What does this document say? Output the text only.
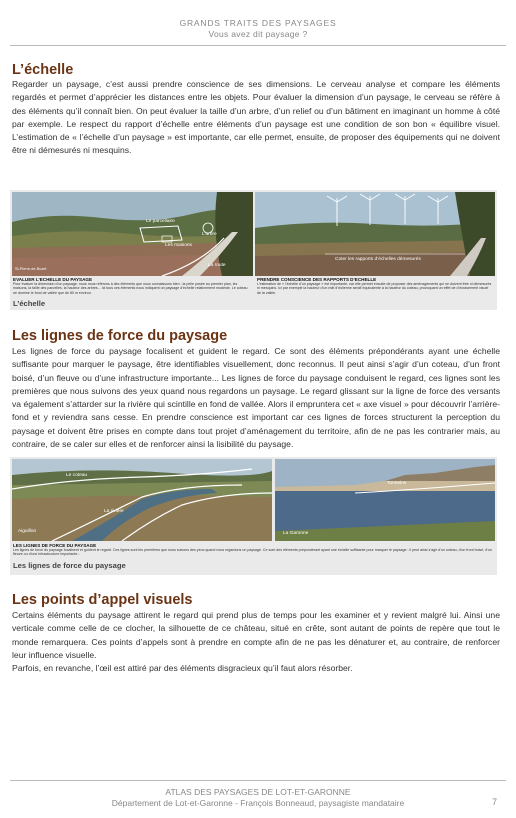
GRANDS TRAITS DES PAYSAGES
Vous avez dit paysage ?
L’échelle

Regarder un paysage, c’est aussi prendre conscience de ses dimensions. Le cerveau analyse et compare les éléments regardés et permet d’apprécier les distances entre les objets. Pour évaluer la dimension d’un paysage, le cerveau se réfère à des éléments qu’il connaît bien. On peut évaluer la taille d’un arbre, d’un relief ou d’un bâtiment en imaginant un homme à côté par exemple. Le respect du rapport d’échelle entre éléments d’un paysage est une condition de son bon « équilibre visuel. L’estimation de « l’échelle d’un paysage » est importante, car elle permet, ensuite, de proposer des équipements qui ne doivent être ni démesurés ni mesquins.

Le parcellaire
L’arbre
Les maisons
La route
St-Pierre-de-Buzet
Coter les rapports d’échelles démesurés
EVALUER L’ECHELLE DU PAYSAGE
Pour évaluer la dimension d’un paysage, nous nous référons à des éléments que nous connaissons bien : la pelle posée au premier plan, les maisons, la taille des parcelles, la hauteur des arbres... Ici tous ces éléments nous indiquent un paysage d’échelle relativement modeste. Le coteau ne domine le fond de vallée que de 80 m environ.
PRENDRE CONSCIENCE DES RAPPORTS D’ECHELLE
L’estimation de « l’échelle d’un paysage » est importante, car elle permet ensuite de proposer des aménagements qui ne doivent être ni démesurés ni mesquins. Ici par exemple la hauteur d’un mât d’éolienne serait équivalente à la hauteur du coteau, provoquant un effet de d’écrasement visuel de la vallée.
L’échelle
Les lignes de force du paysage

Les lignes de force du paysage focalisent et guident le regard. Ce sont des éléments prépondérants ayant une échelle suffisante pour marquer le paysage, être identifiables visuellement, donc reconnus. Il peut ainsi s’agir d’un coteau, d’un front boisé, d’un fleuve ou d’une infrastructure importante... Les lignes de force du paysage conduisent le regard, ces lignes sont les premières que nous suivons des yeux quand nous regardons un paysage. Le regard glissant sur la ligne de force des versants va également s’attarder sur la rivière qui scintille en fond de vallée. Alors il empruntera cet « axe visuel » pour découvrir l’arrière-fond et y reviendra sans cesse. En prendre conscience est important car ces lignes de forces structurent la perception du paysage et doivent être prises en compte dans tout projet d’aménagement du territoire, afin de ne pas les contrarier mais, au contraire, de se caler sur elles et de renforcer ainsi la lisibilité du paysage.

Le coteau
La rivière
Aiguillon
Tonneins
La Garonne
LES LIGNES DE FORCE DU PAYSAGE
Les lignes de force du paysage focalisent et guident le regard. Ces lignes sont les premières que nous suivons des yeux quand nous regardons un paysage. Ce sont des éléments prépondérant ayant une échelle suffisante pour marquer le paysage : il peut ainsi s’agir d’un coteau, d’un front boisé, d’un fleuve ou d’une infrastructure importante...
Les lignes de force du paysage
Les points d’appel visuels

Certains éléments du paysage attirent le regard qui prend plus de temps pour les examiner et y revient malgré lui. Ainsi une verticale comme celle de ce clocher, la silhouette de ce château, situé en crête, sont autant de points de repère que tout le monde remarquera. Ces points d’appels sont à prendre en compte afin de ne pas les dénaturer et, au contraire, de renforcer leur influence visuelle.

Parfois, en revanche, l’œil est attiré par des éléments disgracieux qu’il faut alors résorber.

ATLAS DES PAYSAGES DE LOT-ET-GARONNE
Département de Lot-et-Garonne - François Bonneaud, paysagiste mandataire	7
